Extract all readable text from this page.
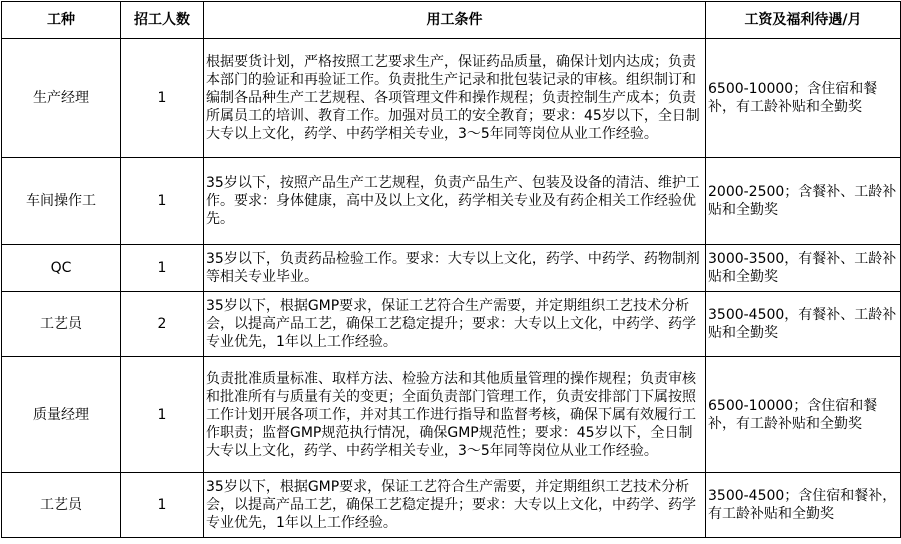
工种	招工人数	用工条件	工资及福利待遇/月
生产经理	1	根据要货计划，严格按照工艺要求生产，保证药品质量，确保计划内达成；负责本部门的验证和再验证工作。负责批生产记录和批包装记录的审核。组织制订和编制各品种生产工艺规程、各项管理文件和操作规程；负责控制生产成本；负责所属员工的培训、教育工作。加强对员工的安全教育；要求：45岁以下，全日制大专以上文化，药学、中药学相关专业，3～5年同等岗位从业工作经验。	6500-10000；含住宿和餐补，有工龄补贴和全勤奖
车间操作工	1	35岁以下，按照产品生产工艺规程，负责产品生产、包装及设备的清洁、维护工作。要求：身体健康，高中及以上文化，药学相关专业及有药企相关工作经验优先。	2000-2500；含餐补、工龄补贴和全勤奖
QC	1	35岁以下，负责药品检验工作。要求：大专以上文化，药学、中药学、药物制剂等相关专业毕业。	3000-3500，有餐补、工龄补贴和全勤奖
工艺员	2	35岁以下，根据GMP要求，保证工艺符合生产需要，并定期组织工艺技术分析会，以提高产品工艺，确保工艺稳定提升；要求：大专以上文化，中药学、药学专业优先，1年以上工作经验。	3500-4500，有餐补、工龄补贴和全勤奖
质量经理	1	负责批准质量标准、取样方法、检验方法和其他质量管理的操作规程；负责审核和批准所有与质量有关的变更；全面负责部门管理工作，负责安排部门下属按照工作计划开展各项工作，并对其工作进行指导和监督考核，确保下属有效履行工作职责；监督GMP规范执行情况，确保GMP规范性；要求：45岁以下，全日制大专以上文化，药学、中药学相关专业，3～5年同等岗位从业工作经验。	6500-10000；含住宿和餐补，有工龄补贴和全勤奖
工艺员	1	35岁以下，根据GMP要求，保证工艺符合生产需要，并定期组织工艺技术分析会，以提高产品工艺，确保工艺稳定提升；要求：大专以上文化，中药学、药学专业优先，1年以上工作经验。	3500-4500；含住宿和餐补，有工龄补贴和全勤奖
